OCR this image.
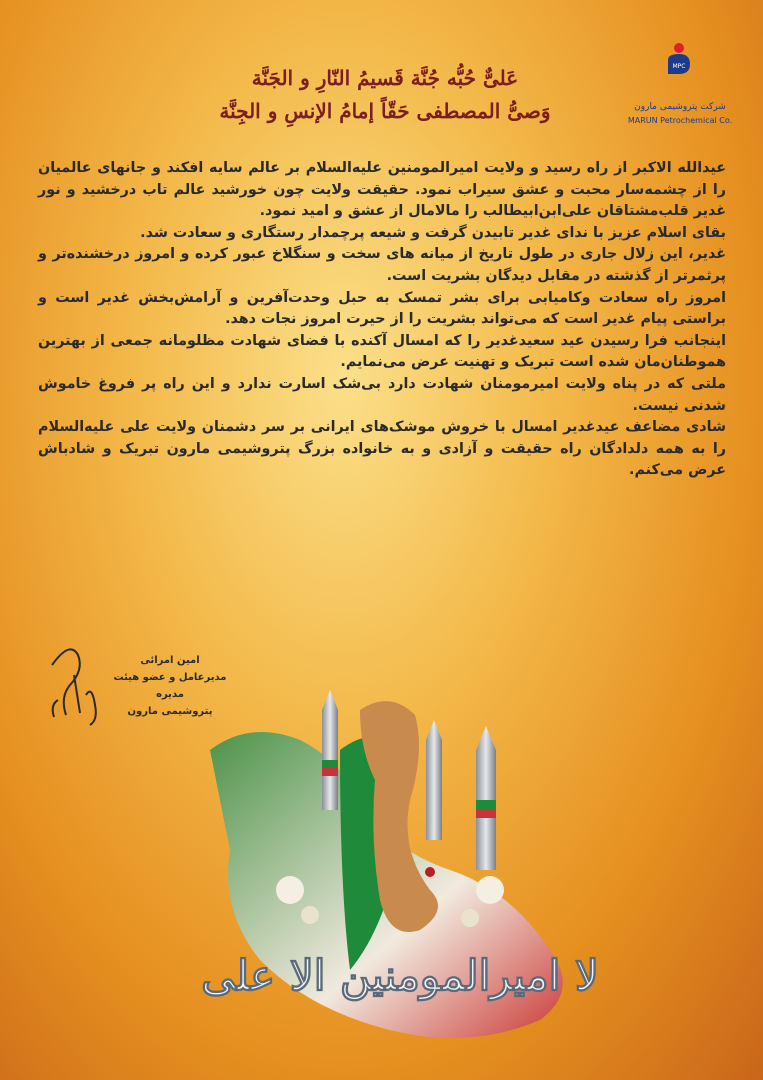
MPC
شرکت پتروشیمی مارون
MARUN Petrochemical Co.
عَلیٌّ حُبُّه جُنَّة قَسیمُ النّارِ و الجَنَّة
وَصیُّ المصطفی حَقّاً إمامُ الإنسِ و الجِنَّة

عیدالله الاکبر از راه رسید و ولایت امیرالمومنین علیه‌السلام بر عالم سایه افکند و جانهای عالمیان را از چشمه‌سار محبت و عشق سیراب نمود. حقیقت ولایت چون خورشید عالم تاب درخشید و نور غدیر قلب‌مشتاقان علی‌ابن‌ابیطالب را مالامال از عشق و امید نمود.

بقای اسلام عزیز با ندای غدیر تابیدن گرفت و شیعه پرچمدار رستگاری و سعادت شد.

غدیر، این زلال جاری در طول تاریخ از میانه های سخت و سنگلاخ عبور کرده و امروز درخشنده‌تر و پرثمرتر از گذشته در مقابل دیدگان بشریت است.

امروز راه سعادت وکامیابی برای بشر تمسک به حبل وحدت‌آفرین و آرامش‌بخش غدیر است و براستی پیام غدیر است که می‌تواند بشریت را از حیرت امروز نجات دهد.

اینجانب فرا رسیدن عید سعیدغدیر را که امسال آکنده با فضای شهادت مظلومانه جمعی از بهترین هموطنان‌مان شده است تبریک و تهنیت عرض می‌نمایم.

ملتی که در پناه ولایت امیرمومنان شهادت دارد بی‌شک اسارت ندارد و این راه پر فروغ خاموش شدنی نیست.

شادی مضاعف عیدغدیر امسال با خروش موشک‌های ایرانی بر سر دشمنان ولایت علی علیه‌السلام را به همه دلدادگان راه حقیقت و آزادی و به خانواده بزرگ پتروشیمی مارون تبریک و شادباش عرض می‌کنم.

امین امرائی
مدیرعامل و عضو هیئت مدیره
پتروشیمی مارون
لا امیرالمومنین الا علی
